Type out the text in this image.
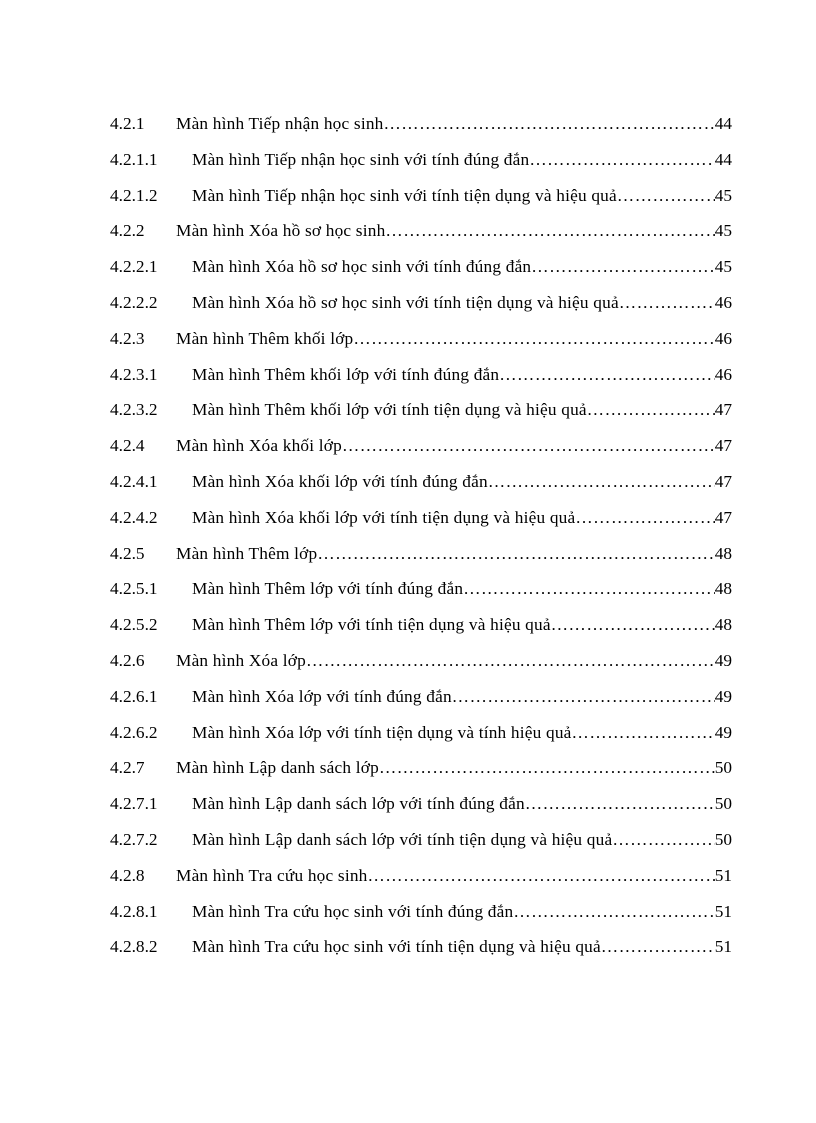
4.2.1	Màn hình Tiếp nhận học sinh ………………………………………………………………………………………………………………………	44
4.2.1.1	Màn hình Tiếp nhận học sinh với tính đúng đắn ………………………………………………………………………………………………………………………	44
4.2.1.2	Màn hình Tiếp nhận học sinh với tính tiện dụng và hiệu quả ………………………………………………………………………………………………………………………	45
4.2.2	Màn hình Xóa hồ sơ học sinh ………………………………………………………………………………………………………………………	45
4.2.2.1	Màn hình Xóa hồ sơ học sinh với tính đúng đắn ………………………………………………………………………………………………………………………	45
4.2.2.2	Màn hình Xóa hồ sơ học sinh với tính tiện dụng và hiệu quả ………………………………………………………………………………………………………………………	46
4.2.3	Màn hình Thêm khối lớp ………………………………………………………………………………………………………………………	46
4.2.3.1	Màn hình Thêm khối lớp với tính đúng đắn ………………………………………………………………………………………………………………………	46
4.2.3.2	Màn hình Thêm khối lớp với tính tiện dụng và hiệu quả ………………………………………………………………………………………………………………………	47
4.2.4	Màn hình Xóa khối lớp ………………………………………………………………………………………………………………………	47
4.2.4.1	Màn hình Xóa khối lớp với tính đúng đắn ………………………………………………………………………………………………………………………	47
4.2.4.2	Màn hình Xóa khối lớp với tính tiện dụng và hiệu quả ………………………………………………………………………………………………………………………	47
4.2.5	Màn hình Thêm lớp ………………………………………………………………………………………………………………………	48
4.2.5.1	Màn hình Thêm lớp với tính đúng đắn ………………………………………………………………………………………………………………………	48
4.2.5.2	Màn hình Thêm lớp với tính tiện dụng và hiệu quả ………………………………………………………………………………………………………………………	48
4.2.6	Màn hình Xóa lớp ………………………………………………………………………………………………………………………	49
4.2.6.1	Màn hình Xóa lớp với tính đúng đắn ………………………………………………………………………………………………………………………	49
4.2.6.2	Màn hình Xóa lớp với tính tiện dụng và tính hiệu quả ………………………………………………………………………………………………………………………	49
4.2.7	Màn hình Lập danh sách lớp ………………………………………………………………………………………………………………………	50
4.2.7.1	Màn hình Lập danh sách lớp với tính đúng đắn ………………………………………………………………………………………………………………………	50
4.2.7.2	Màn hình Lập danh sách lớp với tính tiện dụng và hiệu quả ………………………………………………………………………………………………………………………	50
4.2.8	Màn hình Tra cứu học sinh ………………………………………………………………………………………………………………………	51
4.2.8.1	Màn hình Tra cứu học sinh với tính đúng đắn ………………………………………………………………………………………………………………………	51
4.2.8.2	Màn hình Tra cứu học sinh với tính tiện dụng và hiệu quả ………………………………………………………………………………………………………………………	51
